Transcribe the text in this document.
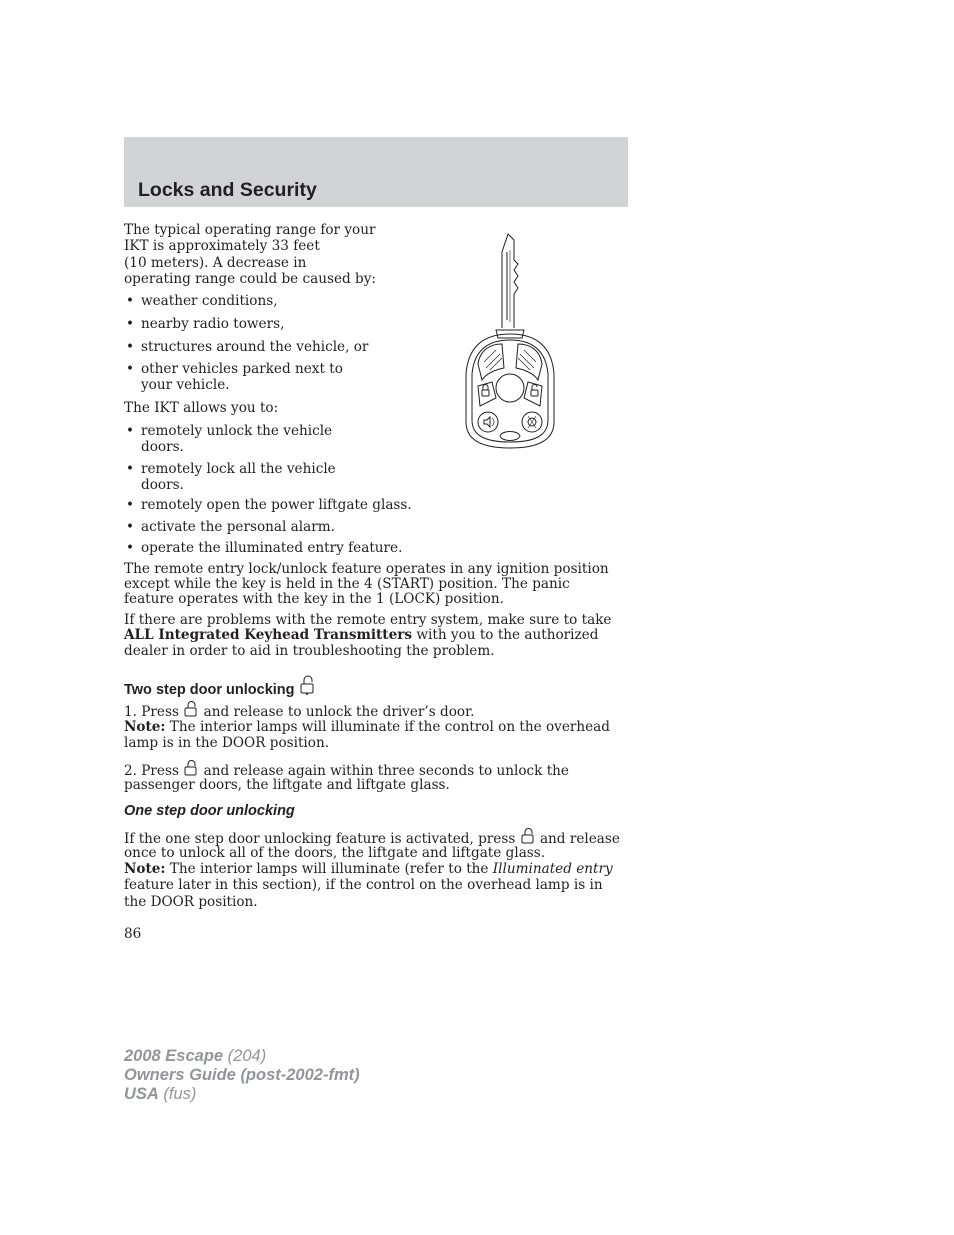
Locks and Security

The typical operating range for your

IKT is approximately 33 feet

(10 meters). A decrease in

operating range could be caused by:

• weather conditions,
• nearby radio towers,
• structures around the vehicle, or
• other vehicles parked next to
your vehicle.

The IKT allows you to:

• remotely unlock the vehicle
doors.
• remotely lock all the vehicle
doors.
• remotely open the power liftgate glass.
• activate the personal alarm.
• operate the illuminated entry feature.

The remote entry lock/unlock feature operates in any ignition position

except while the key is held in the 4 (START) position. The panic

feature operates with the key in the 1 (LOCK) position.

If there are problems with the remote entry system, make sure to take

ALL Integrated Keyhead Transmitters with you to the authorized

dealer in order to aid in troubleshooting the problem.

Two step door unlocking

1. Press  and release to unlock the driver’s door.

Note: The interior lamps will illuminate if the control on the overhead

lamp is in the DOOR position.

2. Press  and release again within three seconds to unlock the

passenger doors, the liftgate and liftgate glass.

One step door unlocking

If the one step door unlocking feature is activated, press  and release

once to unlock all of the doors, the liftgate and liftgate glass.

Note: The interior lamps will illuminate (refer to the Illuminated entry

feature later in this section), if the control on the overhead lamp is in

the DOOR position.

86

2008 Escape (204)
Owners Guide (post-2002-fmt)
USA (fus)
